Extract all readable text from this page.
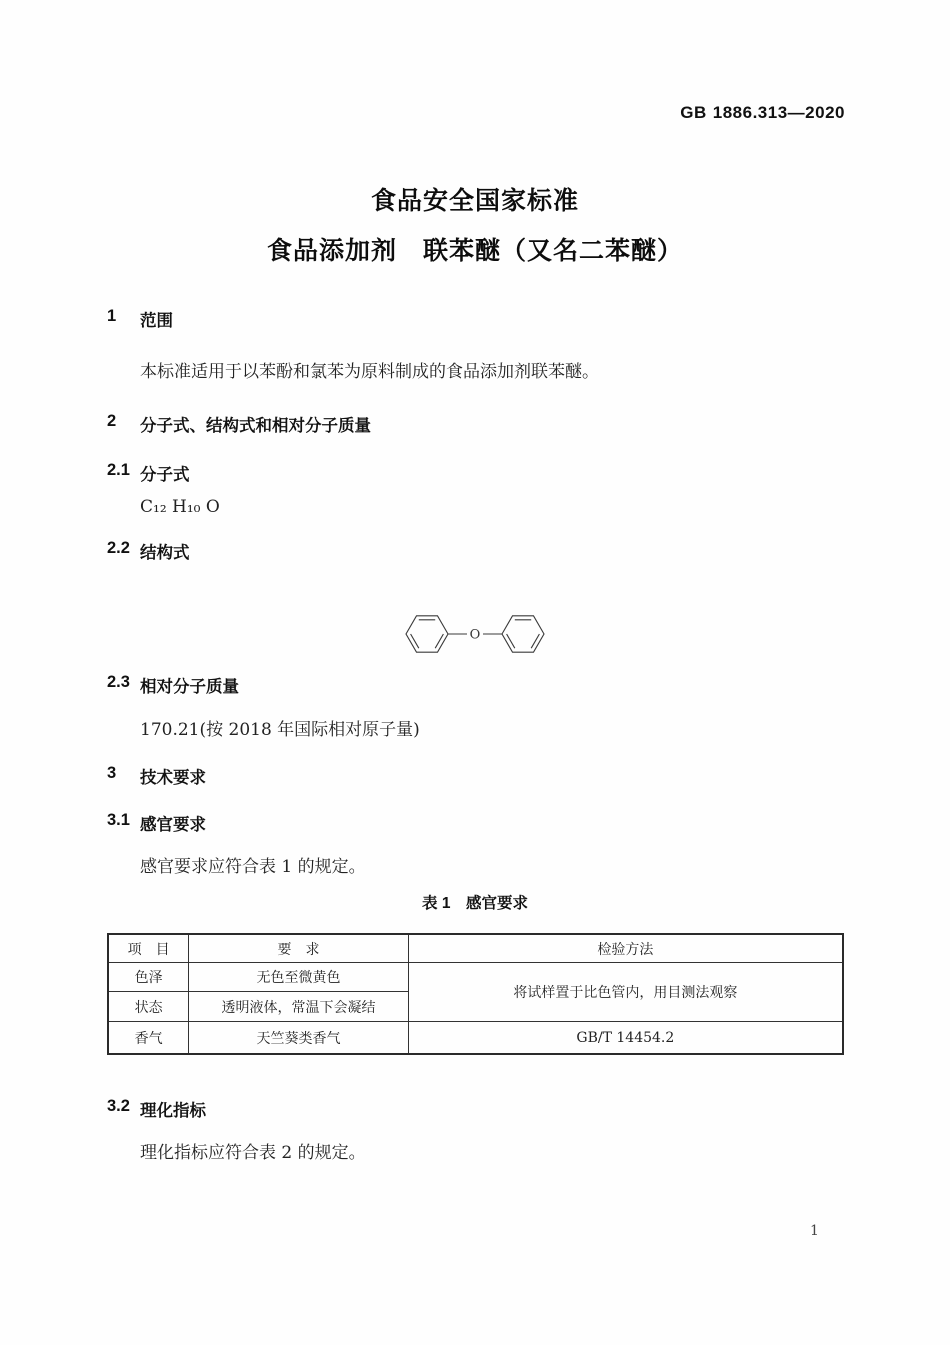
GB 1886.313—2020
食品安全国家标准
食品添加剂　联苯醚（又名二苯醚）
1	范围
本标准适用于以苯酚和氯苯为原料制成的食品添加剂联苯醚。
2	分子式、结构式和相对分子质量
2.1 分子式
C₁₂ H₁₀ O
2.2 结构式
O
2.3 相对分子质量
170.21(按 2018 年国际相对原子量)
3	技术要求
3.1 感官要求
感官要求应符合表 1 的规定。
表 1　感官要求
项　目	要　求	检验方法
色泽	无色至微黄色	将试样置于比色管内，用目测法观察
状态	透明液体，常温下会凝结	
香气	天竺葵类香气	GB/T 14454.2
3.2 理化指标
理化指标应符合表 2 的规定。
1
